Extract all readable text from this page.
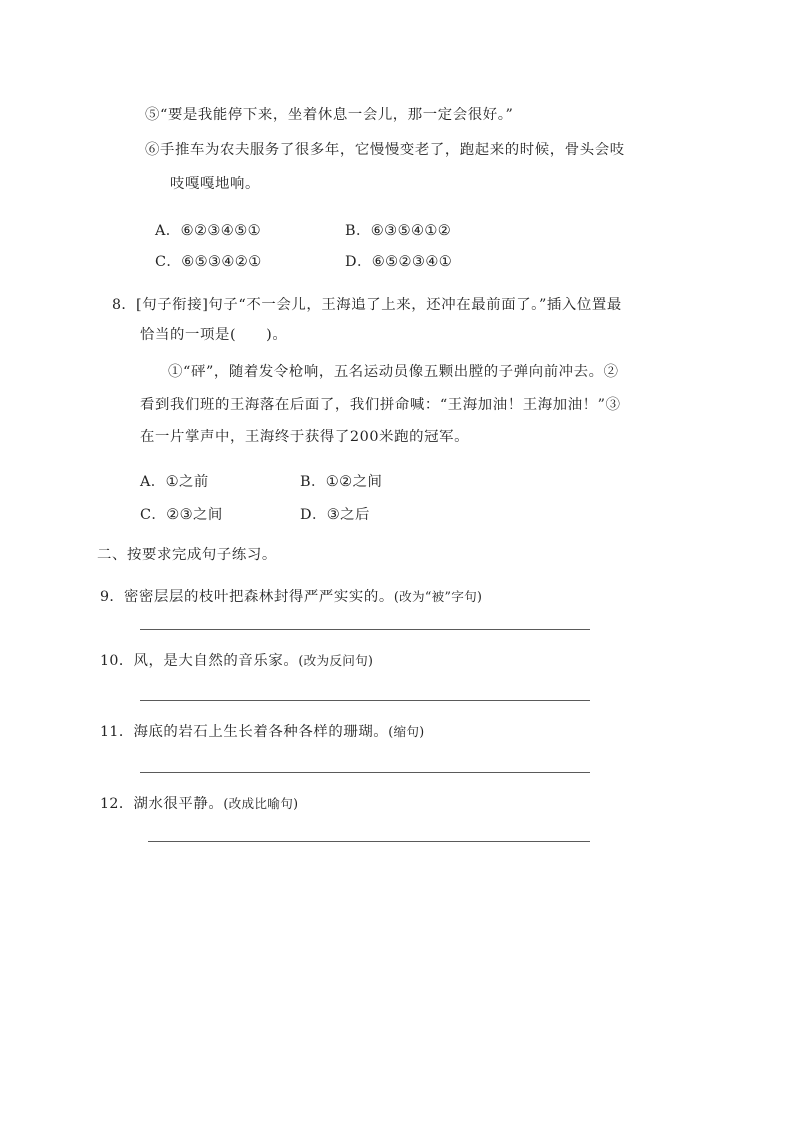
⑤“要是我能停下来，坐着休息一会儿，那一定会很好。”
⑥手推车为农夫服务了很多年，它慢慢变老了，跑起来的时候，骨头会吱
吱嘎嘎地响。
A．⑥②③④⑤①	B．⑥③⑤④①②
C．⑥⑤③④②①	D．⑥⑤②③④①
8．[句子衔接]句子“不一会儿，王海追了上来，还冲在最前面了。”插入位置最
恰当的一项是(　　)。
①“砰”，随着发令枪响，五名运动员像五颗出膛的子弹向前冲去。②
看到我们班的王海落在后面了，我们拼命喊：“王海加油！王海加油！”③
在一片掌声中，王海终于获得了200米跑的冠军。
A．①之前	B．①②之间
C．②③之间	D．③之后
二、按要求完成句子练习。
9．密密层层的枝叶把森林封得严严实实的。(改为“被”字句)
10．风，是大自然的音乐家。(改为反问句)
11．海底的岩石上生长着各种各样的珊瑚。(缩句)
12．湖水很平静。(改成比喻句)
